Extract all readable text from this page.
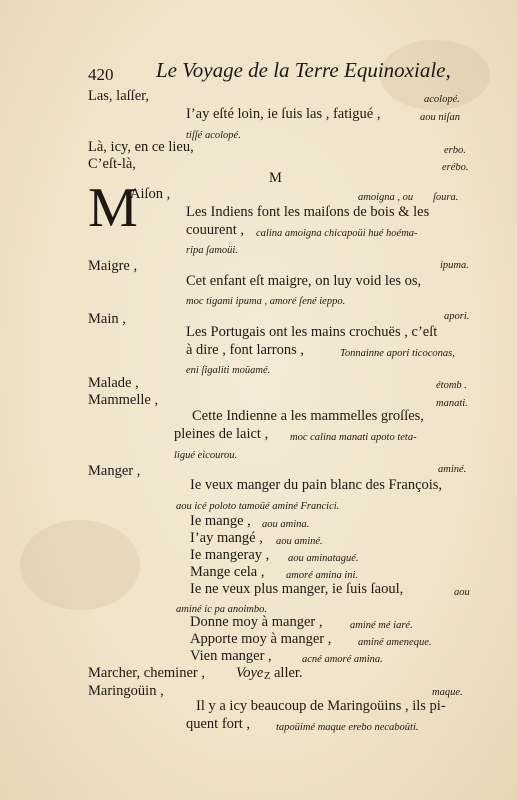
420 Le Voyage de la Terre Equinoxiale,
Las, laſſer,	acolopé.
I’ay eſté loin, ie ſuis las , fatigué ,	aou niſan
tiſſé acolopé.
Là, icy, en ce lieu,	erbo.
C’eſt-là,	erébo.
M
M
Aiſon ,	amoigna , ou ſoura.
Les Indiens font les maiſons de bois & les
couurent , calina amoigna chicapoüi hué hoéma-
ripa ſamoüi.
Maigre ,	ipuma.
Cet enfant eſt maigre, on luy void les os,
moc tigami ipuma , amoré ſené ieppo.
Main ,	apori.
Les Portugais ont les mains crochuës , c’eſt
à dire , font larrons ,	Tonnainne apori ticoconas,
eni ſigaliti moüamé.
Malade ,	étomb .
Mammelle ,	manati.
Cette Indienne a les mammelles groſſes,
pleines de laict , moc calina manati apoto teta-
ligué eicourou.
Manger ,	aminé.
Ie veux manger du pain blanc des François,
aou icé poloto tamoüé aminé Francici.
Ie mange , aou amina.
I’ay mangé , aou aminé.
Ie mangeray , aou aminatagué.
Mange cela , amoré amina ini.
Ie ne veux plus manger, ie ſuis ſaoul,	aou
aminé ic pa anoimbo.
Donne moy à manger ,	aminé mé iaré.
Apporte moy à manger ,	aminé ameneque.
Vien manger ,	acné amoré amina.
Marcher, cheminer , Voye Z aller.
Maringoüin ,	maque.
Il y a icy beaucoup de Maringoüins , ils pi-
quent fort , tapoüimé maque erebo necaboüti.
